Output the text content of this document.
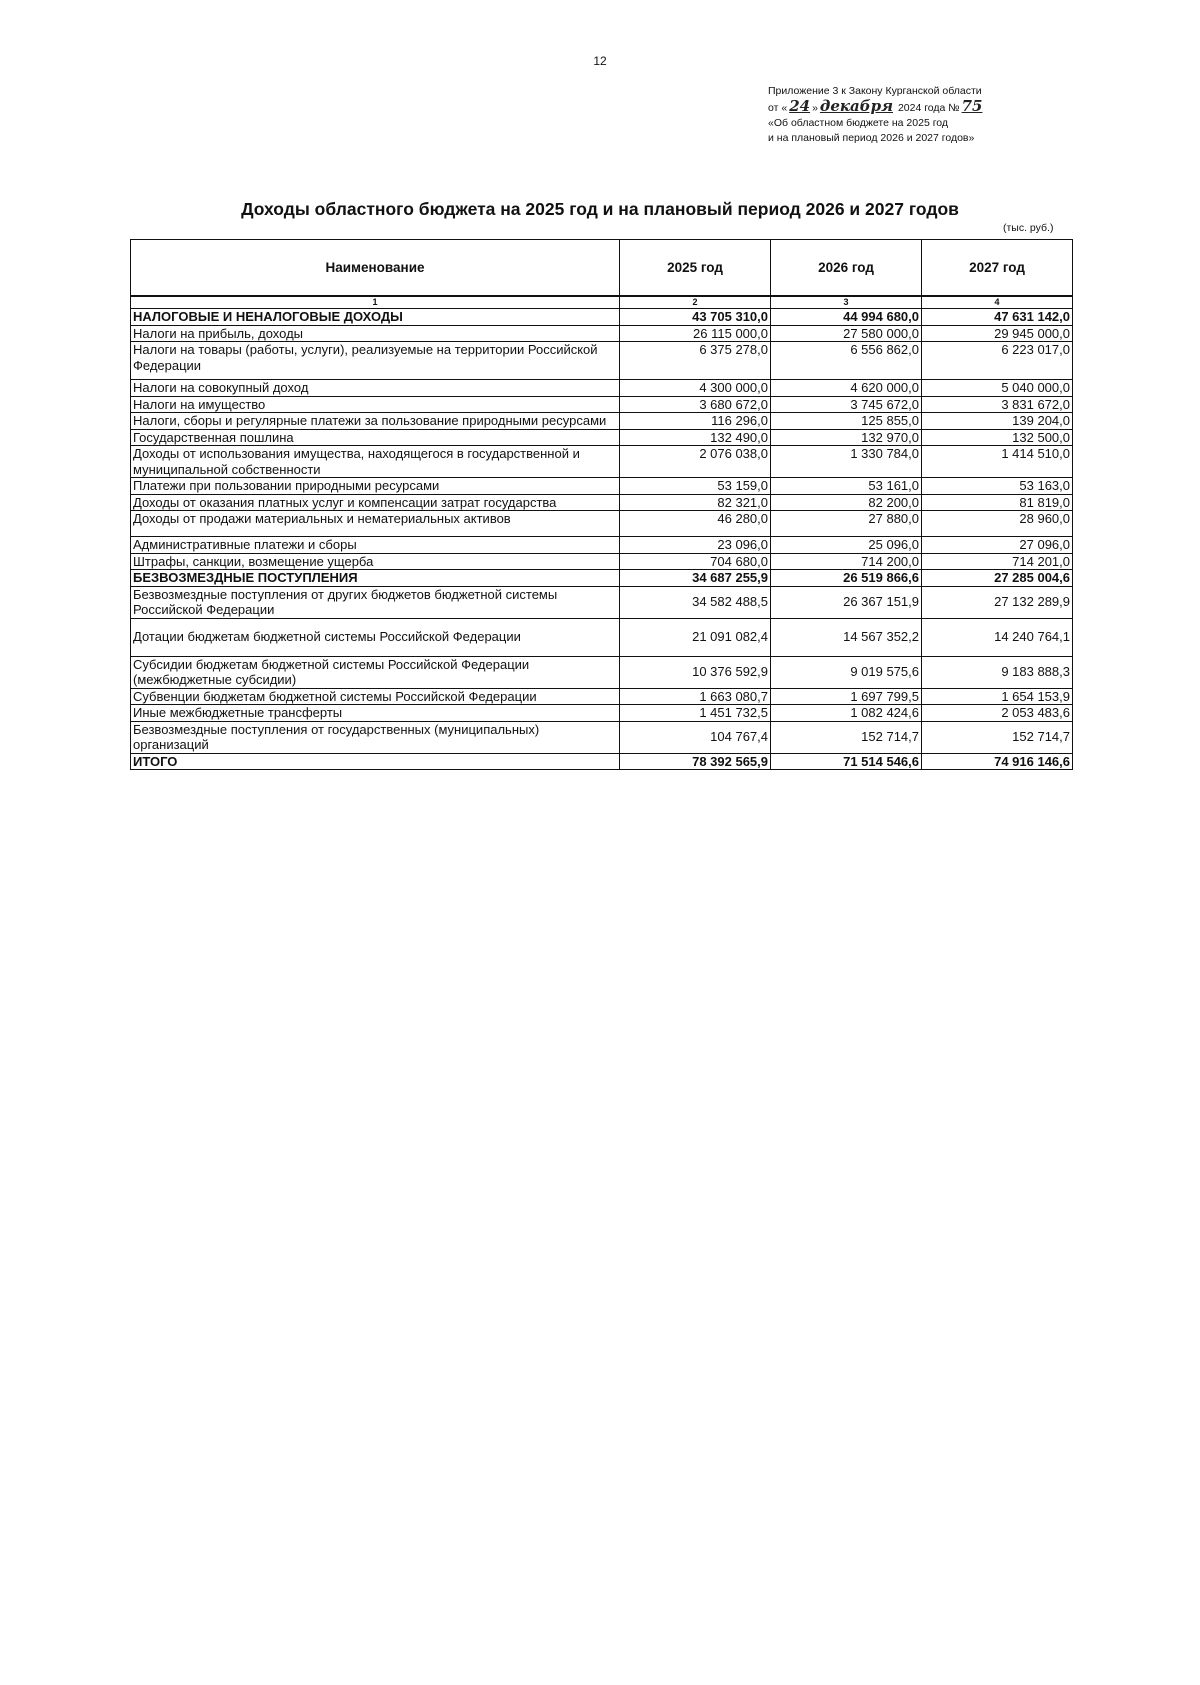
12
Приложение 3 к Закону Курганской области
от « 24 » декабря 2024 года № 75
«Об областном бюджете на 2025 год
и на плановый период 2026 и 2027 годов»
Доходы областного бюджета на 2025 год и на плановый период 2026 и 2027 годов
(тыс. руб.)
Наименование	2025 год	2026 год	2027 год
1	2	3	4
НАЛОГОВЫЕ И НЕНАЛОГОВЫЕ ДОХОДЫ	43 705 310,0	44 994 680,0	47 631 142,0
Налоги на прибыль, доходы	26 115 000,0	27 580 000,0	29 945 000,0
Налоги на товары (работы, услуги), реализуемые на территории Российской Федерации	6 375 278,0	6 556 862,0	6 223 017,0
Налоги на совокупный доход	4 300 000,0	4 620 000,0	5 040 000,0
Налоги на имущество	3 680 672,0	3 745 672,0	3 831 672,0
Налоги, сборы и регулярные платежи за пользование природными ресурсами	116 296,0	125 855,0	139 204,0
Государственная пошлина	132 490,0	132 970,0	132 500,0
Доходы от использования имущества, находящегося в государственной и муниципальной собственности	2 076 038,0	1 330 784,0	1 414 510,0
Платежи при пользовании природными ресурсами	53 159,0	53 161,0	53 163,0
Доходы от оказания платных услуг и компенсации затрат государства	82 321,0	82 200,0	81 819,0
Доходы от продажи материальных и нематериальных активов	46 280,0	27 880,0	28 960,0
Административные платежи и сборы	23 096,0	25 096,0	27 096,0
Штрафы, санкции, возмещение ущерба	704 680,0	714 200,0	714 201,0
БЕЗВОЗМЕЗДНЫЕ ПОСТУПЛЕНИЯ	34 687 255,9	26 519 866,6	27 285 004,6
Безвозмездные поступления от других бюджетов бюджетной системы Российской Федерации	34 582 488,5	26 367 151,9	27 132 289,9
Дотации бюджетам бюджетной системы Российской Федерации	21 091 082,4	14 567 352,2	14 240 764,1
Субсидии бюджетам бюджетной системы Российской Федерации (межбюджетные субсидии)	10 376 592,9	9 019 575,6	9 183 888,3
Субвенции бюджетам бюджетной системы Российской Федерации	1 663 080,7	1 697 799,5	1 654 153,9
Иные межбюджетные трансферты	1 451 732,5	1 082 424,6	2 053 483,6
Безвозмездные поступления от государственных (муниципальных) организаций	104 767,4	152 714,7	152 714,7
ИТОГО	78 392 565,9	71 514 546,6	74 916 146,6
